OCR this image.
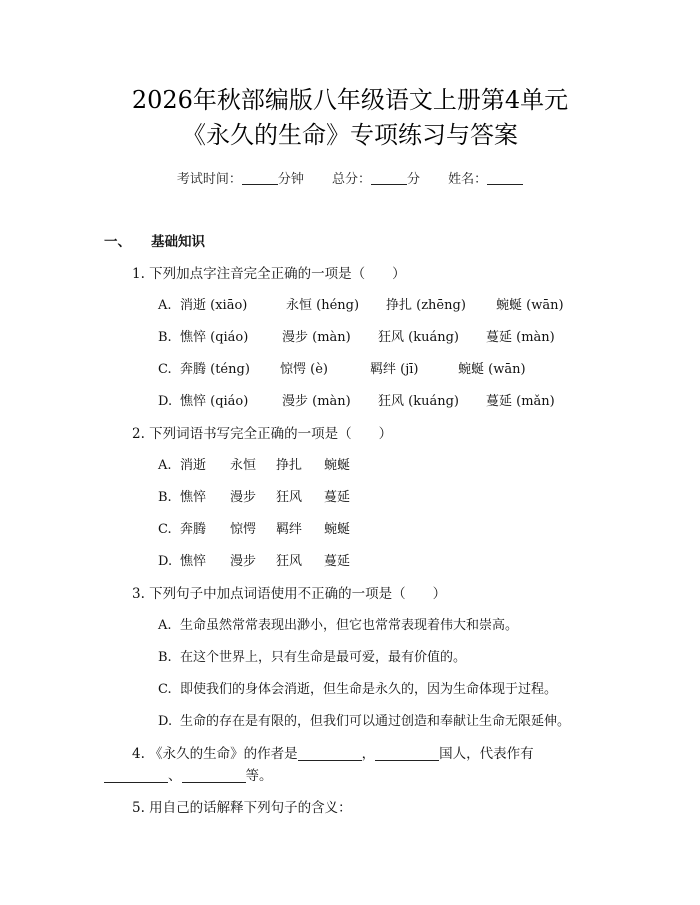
2026年秋部编版八年级语文上册第4单元
《永久的生命》专项练习与答案
考试时间：	分钟 总分：	分 姓名：
一、 基础知识
1. 下列加点字注音完全正确的一项是（　　）
A. 消逝 (xiāo)	永恒 (héng) 挣扎 (zhēng) 蜿蜒 (wān)
B. 憔悴 (qiáo)	漫步 (màn) 狂风 (kuáng) 蔓延 (màn)
C. 奔腾 (téng) 惊愕 (è)	羁绊 (jī)	蜿蜒 (wān)
D. 憔悴 (qiáo)	漫步 (màn) 狂风 (kuáng) 蔓延 (mǎn)
2. 下列词语书写完全正确的一项是（　　）
A. 消逝 永恒 挣扎 蜿蜒
B. 憔悴 漫步 狂风 蔓延
C. 奔腾 惊愕 羁绊 蜿蜒
D. 憔悴 漫步 狂风 蔓延
3. 下列句子中加点词语使用不正确的一项是（　　）
A. 生命虽然常常表现出渺小，但它也常常表现着伟大和崇高。
B. 在这个世界上，只有生命是最可爱，最有价值的。
C. 即使我们的身体会消逝，但生命是永久的，因为生命体现于过程。
D. 生命的存在是有限的，但我们可以通过创造和奉献让生命无限延伸。
4. 《永久的生命》的作者是	，	国人，代表作有
、	等。
5. 用自己的话解释下列句子的含义：
